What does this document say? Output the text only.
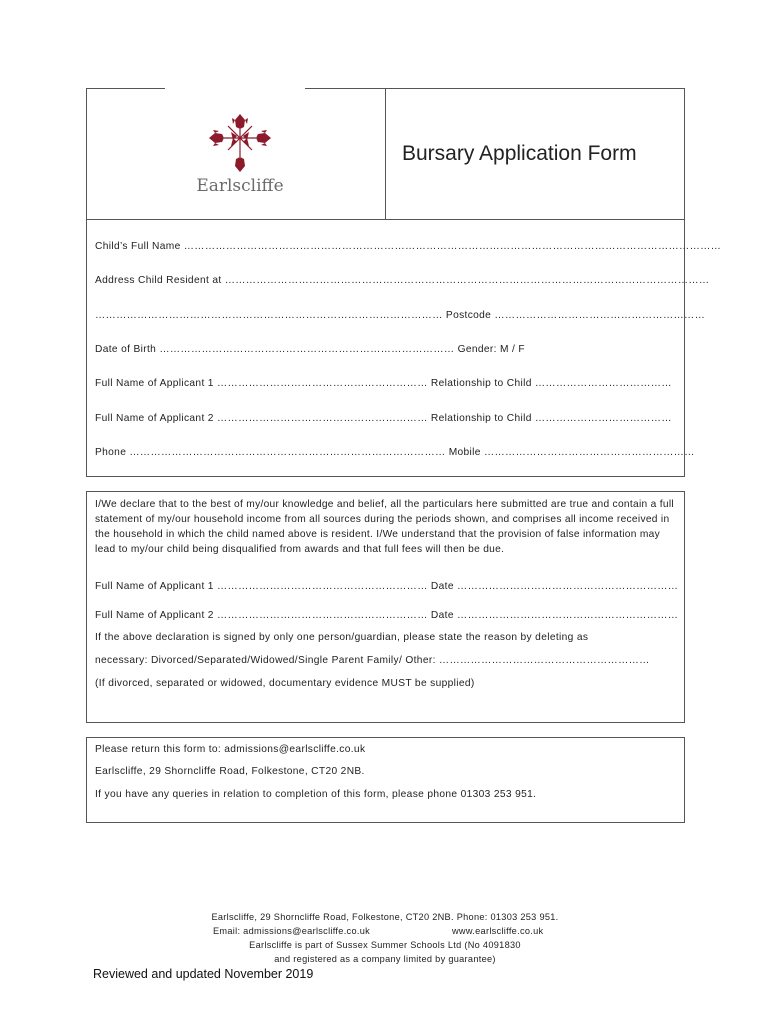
Earlscliffe
Bursary Application Form
Child’s Full Name ………………………………………………………………………………………………………………………………………
Address Child Resident at …………………………………………………………………………………………………………………………
……………………………………………………………………………………… Postcode ……………………………………………………
Date of Birth ………………………………………………………………………… Gender: M / F
Full Name of Applicant 1 …………………………………………………… Relationship to Child …………………………………
Full Name of Applicant 2 …………………………………………………… Relationship to Child …………………………………
Phone ……………………………………………………………………………… Mobile ……………………………………………………
I/We declare that to the best of my/our knowledge and belief, all the particulars here submitted are true and contain a full statement of my/our household income from all sources during the periods shown, and comprises all income received in the household in which the child named above is resident. I/We understand that the provision of false information may lead to my/our child being disqualified from awards and that full fees will then be due.
Full Name of Applicant 1 …………………………………………………… Date ………………………………………………………
Full Name of Applicant 2 …………………………………………………… Date ………………………………………………………
If the above declaration is signed by only one person/guardian, please state the reason by deleting as
necessary: Divorced/Separated/Widowed/Single Parent Family/ Other: ……………………………………………………
(If divorced, separated or widowed, documentary evidence MUST be supplied)
Please return this form to: admissions@earlscliffe.co.uk
Earlscliffe, 29 Shorncliffe Road, Folkestone, CT20 2NB.
If you have any queries in relation to completion of this form, please phone 01303 253 951.
Earlscliffe, 29 Shorncliffe Road, Folkestone, CT20 2NB. Phone: 01303 253 951.
Email: admissions@earlscliffe.co.uk	www.earlscliffe.co.uk
Earlscliffe is part of Sussex Summer Schools Ltd (No 4091830
and registered as a company limited by guarantee)
Reviewed and updated November 2019
